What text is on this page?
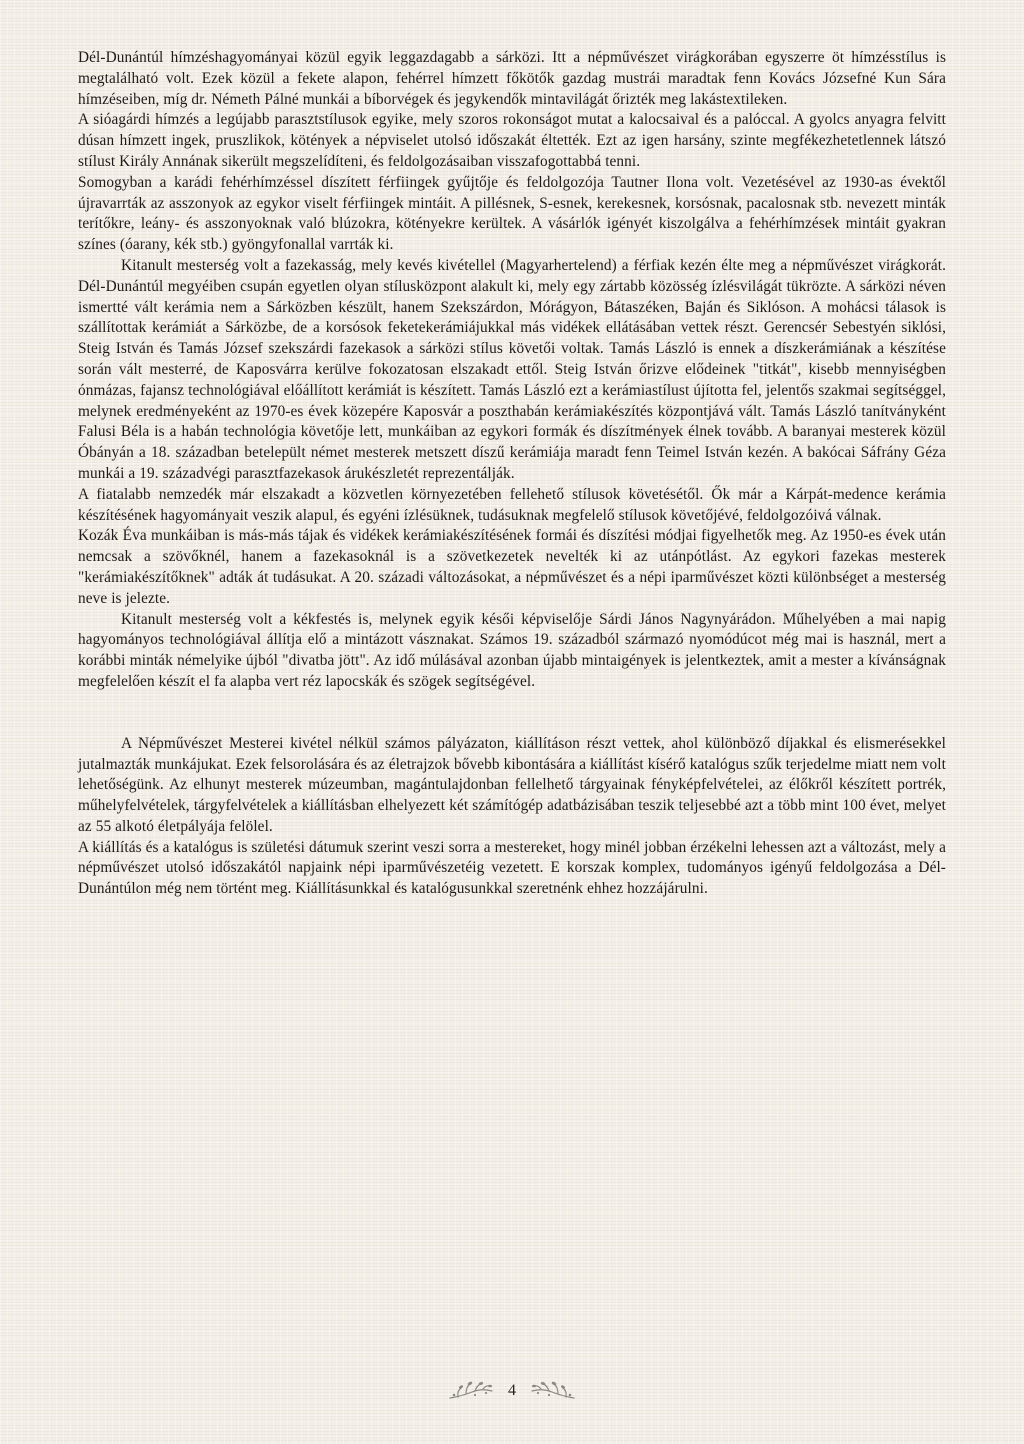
Dél-Dunántúl hímzéshagyományai közül egyik leggazdagabb a sárközi. Itt a népművészet virágkorában egyszerre öt hímzésstílus is megtalálható volt. Ezek közül a fekete alapon, fehérrel hímzett főkötők gazdag mustrái maradtak fenn Kovács Józsefné Kun Sára hímzéseiben, míg dr. Németh Pálné munkái a bíborvégek és jegykendők mintavilágát őrizték meg lakástextileken.

A sióagárdi hímzés a legújabb parasztstílusok egyike, mely szoros rokonságot mutat a kalocsaival és a palóccal. A gyolcs anyagra felvitt dúsan hímzett ingek, pruszlikok, kötények a népviselet utolsó időszakát éltették. Ezt az igen harsány, szinte megfékezhetetlennek látszó stílust Király Annának sikerült megszelídíteni, és feldolgozásaiban visszafogottabbá tenni.

Somogyban a karádi fehérhímzéssel díszített férfiingek gyűjtője és feldolgozója Tautner Ilona volt. Vezetésével az 1930-as évektől újravarrták az asszonyok az egykor viselt férfiingek mintáit. A pillésnek, S-esnek, kerekesnek, korsósnak, pacalosnak stb. nevezett minták terítőkre, leány- és asszonyoknak való blúzokra, kötényekre kerültek. A vásárlók igényét kiszolgálva a fehérhímzések mintáit gyakran színes (óarany, kék stb.) gyöngyfonallal varrták ki.

Kitanult mesterség volt a fazekasság, mely kevés kivétellel (Magyarhertelend) a férfiak kezén élte meg a népművészet virágkorát. Dél-Dunántúl megyéiben csupán egyetlen olyan stílusközpont alakult ki, mely egy zártabb közösség ízlésvilágát tükrözte. A sárközi néven ismertté vált kerámia nem a Sárközben készült, hanem Szekszárdon, Mórágyon, Bátaszéken, Baján és Siklóson. A mohácsi tálasok is szállítottak kerámiát a Sárközbe, de a korsósok feketekerámiájukkal más vidékek ellátásában vettek részt. Gerencsér Sebestyén siklósi, Steig István és Tamás József szekszárdi fazekasok a sárközi stílus követői voltak. Tamás László is ennek a díszkerámiának a készítése során vált mesterré, de Kaposvárra kerülve fokozatosan elszakadt ettől. Steig István őrizve elődeinek "titkát", kisebb mennyiségben ónmázas, fajansz technológiával előállított kerámiát is készített. Tamás László ezt a kerámiastílust újította fel, jelentős szakmai segítséggel, melynek eredményeként az 1970-es évek közepére Kaposvár a poszthabán kerámiakészítés központjává vált. Tamás László tanítványként Falusi Béla is a habán technológia követője lett, munkáiban az egykori formák és díszítmények élnek tovább. A baranyai mesterek közül Óbányán a 18. században betelepült német mesterek metszett díszű kerámiája maradt fenn Teimel István kezén. A bakócai Sáfrány Géza munkái a 19. századvégi parasztfazekasok árukészletét reprezentálják.

A fiatalabb nemzedék már elszakadt a közvetlen környezetében fellehető stílusok követésétől. Ők már a Kárpát-medence kerámia készítésének hagyományait veszik alapul, és egyéni ízlésüknek, tudásuknak megfelelő stílusok követőjévé, feldolgozóivá válnak.

Kozák Éva munkáiban is más-más tájak és vidékek kerámiakészítésének formái és díszítési módjai figyelhetők meg. Az 1950-es évek után nemcsak a szövőknél, hanem a fazekasoknál is a szövetkezetek nevelték ki az utánpótlást. Az egykori fazekas mesterek "kerámiakészítőknek" adták át tudásukat. A 20. századi változásokat, a népművészet és a népi iparművészet közti különbséget a mesterség neve is jelezte.

Kitanult mesterség volt a kékfestés is, melynek egyik késői képviselője Sárdi János Nagynyárádon. Műhelyében a mai napig hagyományos technológiával állítja elő a mintázott vásznakat. Számos 19. századból származó nyomódúcot még mai is használ, mert a korábbi minták némelyike újból "divatba jött". Az idő múlásával azonban újabb mintaigények is jelentkeztek, amit a mester a kívánságnak megfelelően készít el fa alapba vert réz lapocskák és szögek segítségével.

A Népművészet Mesterei kivétel nélkül számos pályázaton, kiállításon részt vettek, ahol különböző díjakkal és elismerésekkel jutalmazták munkájukat. Ezek felsorolására és az életrajzok bővebb kibontására a kiállítást kísérő katalógus szűk terjedelme miatt nem volt lehetőségünk. Az elhunyt mesterek múzeumban, magántulajdonban fellelhető tárgyainak fényképfelvételei, az élőkről készített portrék, műhelyfelvételek, tárgyfelvételek a kiállításban elhelyezett két számítógép adatbázisában teszik teljesebbé azt a több mint 100 évet, melyet az 55 alkotó életpályája felölel.

A kiállítás és a katalógus is születési dátumuk szerint veszi sorra a mestereket, hogy minél jobban érzékelni lehessen azt a változást, mely a népművészet utolsó időszakától napjaink népi iparművészetéig vezetett. E korszak komplex, tudományos igényű feldolgozása a Dél-Dunántúlon még nem történt meg. Kiállításunkkal és katalógusunkkal szeretnénk ehhez hozzájárulni.

4
